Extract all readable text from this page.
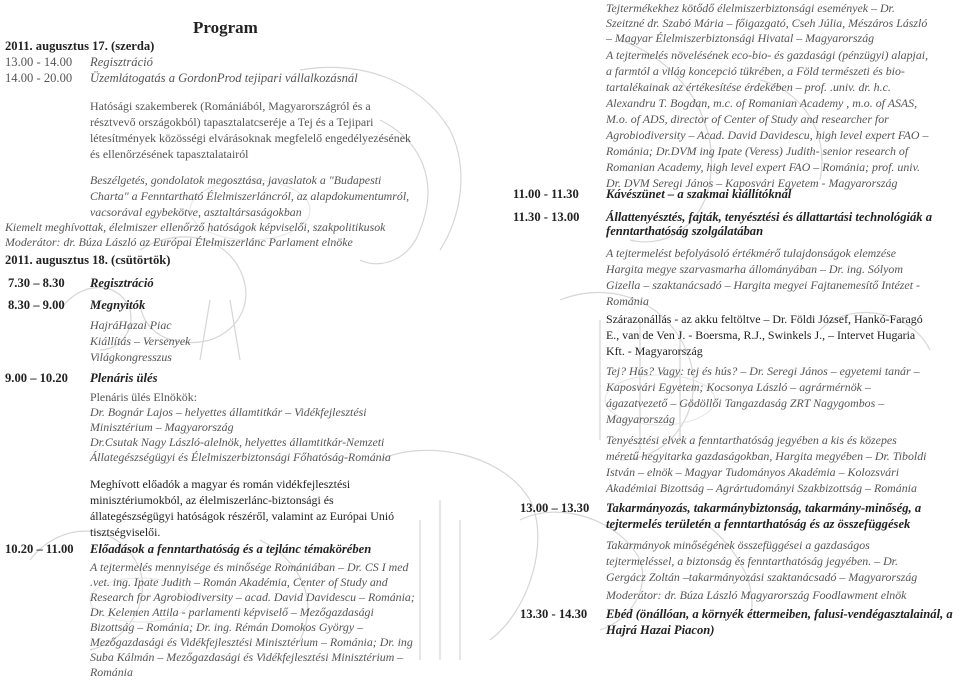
Program
2011. augusztus 17. (szerda)
13.00 - 14.00 Regisztráció
14.00 - 20.00 Üzemlátogatás a GordonProd tejipari vállalkozásnál
Hatósági szakemberek (Romániából, Magyarországról és a
résztvevő országokból) tapasztalatcseréje a Tej és a Tejipari
létesítmények közösségi elvárásoknak megfelelő engedélyezésének
és ellenőrzésének tapasztalatairól
Beszélgetés, gondolatok megosztása, javaslatok a "Budapesti
Charta" a Fenntartható Élelmiszerláncról, az alapdokumentumról,
vacsorával egybekötve, asztaltársaságokban
Kiemelt meghívottak, élelmiszer ellenőrző hatóságok képviselői, szakpolitikusok
Moderátor: dr. Búza László az Európai Élelmiszerlánc Parlament elnöke
2011. augusztus 18. (csütörtök)
7.30 – 8.30 Regisztráció
8.30 – 9.00 Megnyitók
HajráHazai Piac
Kiállítás – Versenyek
Világkongresszus
9.00 – 10.20 Plenáris ülés
Plenáris ülés Elnökök:
Dr. Bognár Lajos – helyettes államtitkár – Vidékfejlesztési
Minisztérium – Magyarország
Dr.Csutak Nagy László-alelnök, helyettes államtitkár-Nemzeti
Állategészségügyi és Élelmiszerbiztonsági Főhatóság-Románia
Meghívott előadók a magyar és román vidékfejlesztési
minisztériumokból, az élelmiszerlánc-biztonsági és
állategészségügyi hatóságok részéről, valamint az Európai Unió
tisztségviselői.
10.20 – 11.00 Előadások a fenntarthatóság és a tejlánc témakörében
A tejtermelés mennyisége és minősége Romániában – Dr. CS I med
.vet. ing. Ipate Judith – Román Akadémia, Center of Study and
Research for Agrobiodiversity – acad. David Davidescu – Románia;
Dr. Kelemen Attila - parlamenti képviselő – Mezőgazdasági
Bizottság – Románia; Dr. ing. Rémán Domokos György –
Mezőgazdasági és Vidékfejlesztési Minisztérium – Románia; Dr. ing
Suba Kálmán – Mezőgazdasági és Vidékfejlesztési Minisztérium –
Románia
Tejtermékekhez kötődő élelmiszerbiztonsági események – Dr.
Szeitzné dr. Szabó Mária – főigazgató, Cseh Júlia, Mészáros László
– Magyar Élelmiszerbiztonsági Hivatal – Magyarország
A tejtermelés növelésének eco-bio- és gazdasági (pénzügyi) alapjai,
a farmtól a világ koncepció tükrében, a Föld természeti és bio-
tartalékainak az értékesítése érdekében – prof. .univ. dr. h.c.
Alexandru T. Bogdan, m.c. of Romanian Academy , m.o. of ASAS,
M.o. of ADS, director of Center of Study and researcher for
Agrobiodiversity – Acad. David Davidescu, high level expert FAO –
Románia; Dr.DVM ing Ipate (Veress) Judith- senior research of
Romanian Academy, high level expert FAO – Románia; prof. univ.
Dr. DVM Seregi János – Kaposvári Egyetem - Magyarország
11.00 - 11.30 Kávészünet – a szakmai kiállítóknál
11.30 - 13.00 Állattenyésztés, fajták, tenyésztési és állattartási technológiák a
fenntarthatóság szolgálatában
A tejtermelést befolyásoló értékmérő tulajdonságok elemzése
Hargita megye szarvasmarha állományában – Dr. ing. Sólyom
Gizella – szaktanácsadó – Hargita megyei Fajtanemesítő Intézet -
Románia
Szárazonállás - az akku feltöltve – Dr. Földi József, Hankó-Faragó
E., van de Ven J. - Boersma, R.J., Swinkels J., – Intervet Hugaria
Kft. - Magyarország
Tej? Hús? Vagy: tej és hús? – Dr. Seregi János – egyetemi tanár –
Kaposvári Egyetem; Kocsonya László – agrármérnök –
ágazatvezető – Gödöllői Tangazdaság ZRT Nagygombos –
Magyarország
Tenyésztési elvek a fenntarthatóság jegyében a kis és közepes
méretű hegyitarka gazdaságokban, Hargita megyében – Dr. Tiboldi
István – elnök – Magyar Tudományos Akadémia – Kolozsvári
Akadémiai Bizottság – Agrártudományi Szakbizottság – Románia
13.00 – 13.30 Takarmányozás, takarmánybiztonság, takarmány-minőség, a
tejtermelés területén a fenntarthatóság és az összefüggések
Takarmányok minőségének összefüggései a gazdaságos
tejtermeléssel, a biztonság és fenntarthatóság jegyében. – Dr.
Gergácz Zoltán –takarmányozási szaktanácsadó – Magyarország
Moderátor: dr. Búza László Magyarország Foodlawment elnök
13.30 - 14.30 Ebéd (önállóan, a környék éttermeiben, falusi-vendégasztalainál, a
Hajrá Hazai Piacon)
